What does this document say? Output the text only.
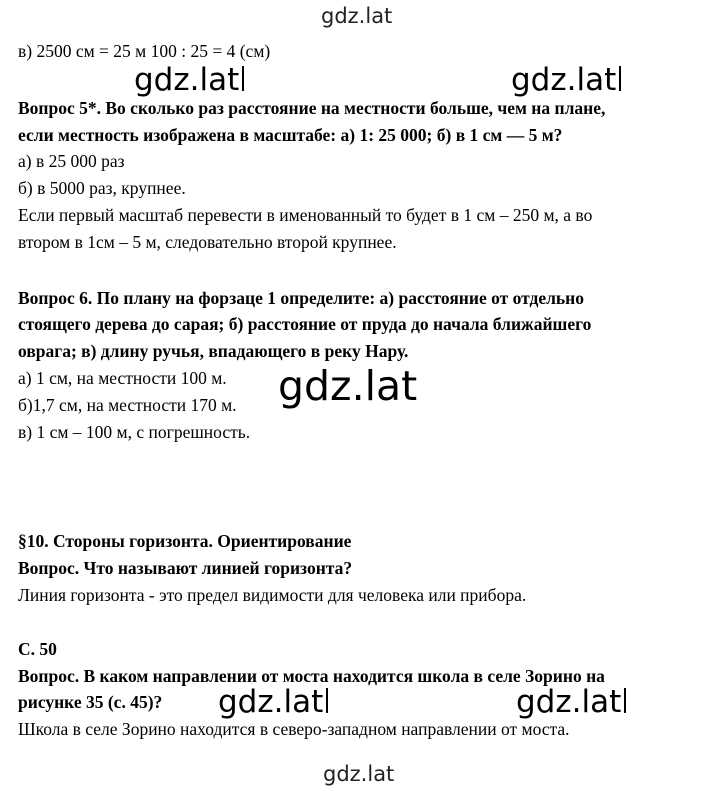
gdz.lat
gdz.lat	gdz.lat
gdz.lat
gdz.lat	gdz.lat
gdz.lat
в) 2500 см = 25 м 100 : 25 = 4 (см)
Вопрос 5*. Во сколько раз расстояние на местности больше, чем на плане,
если местность изображена в масштабе: а) 1: 25 000; б) в 1 см — 5 м?
а) в 25 000 раз
б) в 5000 раз, крупнее.
Если первый масштаб перевести в именованный то будет в 1 см – 250 м, а во
втором в 1см – 5 м, следовательно второй крупнее.
Вопрос 6. По плану на форзаце 1 определите: а) расстояние от отдельно
стоящего дерева до сарая; б) расстояние от пруда до начала ближайшего
оврага; в) длину ручья, впадающего в реку Нару.
а) 1 см, на местности 100 м.
б)1,7 см, на местности 170 м.
в) 1 см – 100 м, с погрешность.
§10. Стороны горизонта. Ориентирование
Вопрос. Что называют линией горизонта?
Линия горизонта - это предел видимости для человека или прибора.
С. 50
Вопрос. В каком направлении от моста находится школа в селе Зорино на
рисунке 35 (с. 45)?
Школа в селе Зорино находится в северо-западном направлении от моста.
